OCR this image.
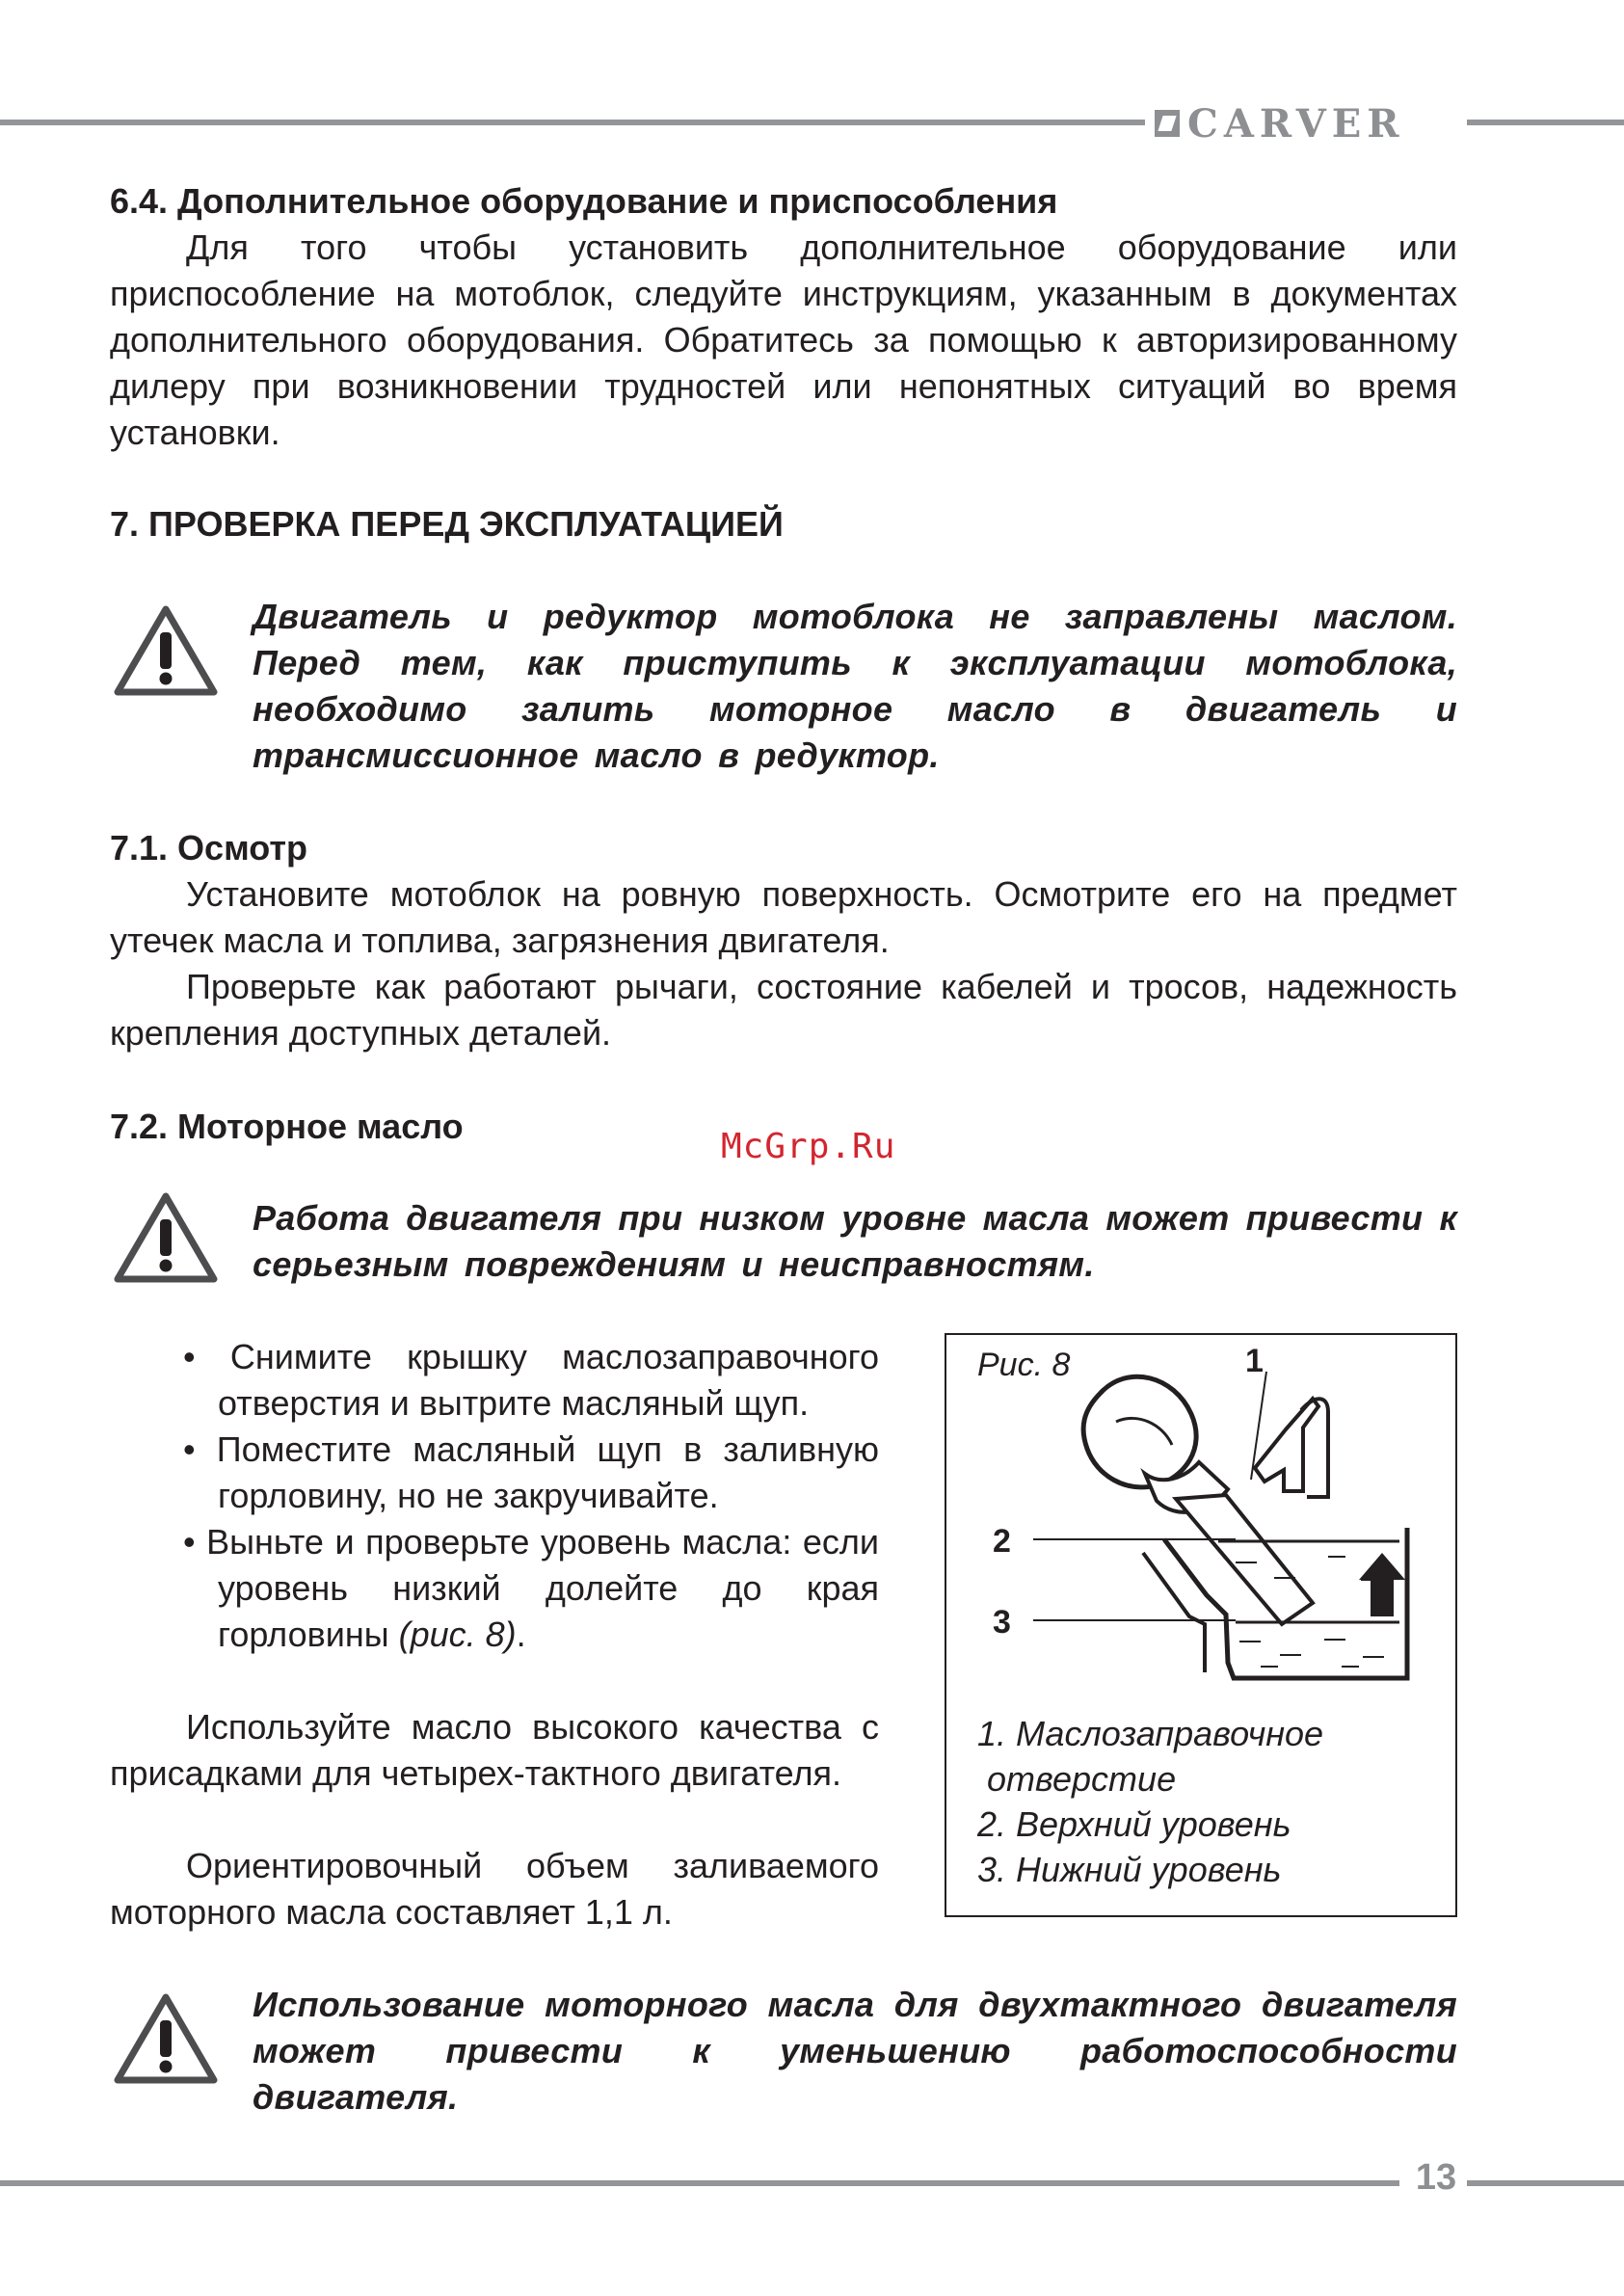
CARVER
6.4. Дополнительное оборудование и приспособления

Для того чтобы установить дополнительное оборудование или приспособление на мотоблок, следуйте инструкциям, указанным в документах дополнительного оборудования. Обратитесь за помощью к авторизированному дилеру при возникновении трудностей или непонятных ситуаций во время установки.

7. ПРОВЕРКА ПЕРЕД ЭКСПЛУАТАЦИЕЙ

Двигатель и редуктор мотоблока не заправлены маслом. Перед тем, как приступить к эксплуатации мотоблока, необходимо залить моторное масло в двигатель и трансмиссионное масло в редуктор.

7.1. Осмотр

Установите мотоблок на ровную поверхность. Осмотрите его на предмет утечек масла и топлива, загрязнения двигателя.

Проверьте как работают рычаги, состояние кабелей и тросов, надежность крепления доступных деталей.

7.2. Моторное масло
McGrp.Ru

Работа двигателя при низком уровне масла может привести к серьезным повреждениям и неисправностям.

• Снимите крышку маслозаправочного отверстия и вытрите масляный щуп.
• Поместите масляный щуп в заливную горловину, но не закручивайте.
• Выньте и проверьте уровень масла: если уровень низкий долейте до края горловины (рис. 8).

Используйте масло высокого качества с присадками для четырех-тактного двигателя.

Ориентировочный объем заливаемого моторного масла составляет 1,1 л.

Рис. 8	1
2
3
1. Маслозаправочное
отверстие
2. Верхний уровень
3. Нижний уровень

Использование моторного масла для двухтактного двигателя может привести к уменьшению работоспособности двигателя.

13
